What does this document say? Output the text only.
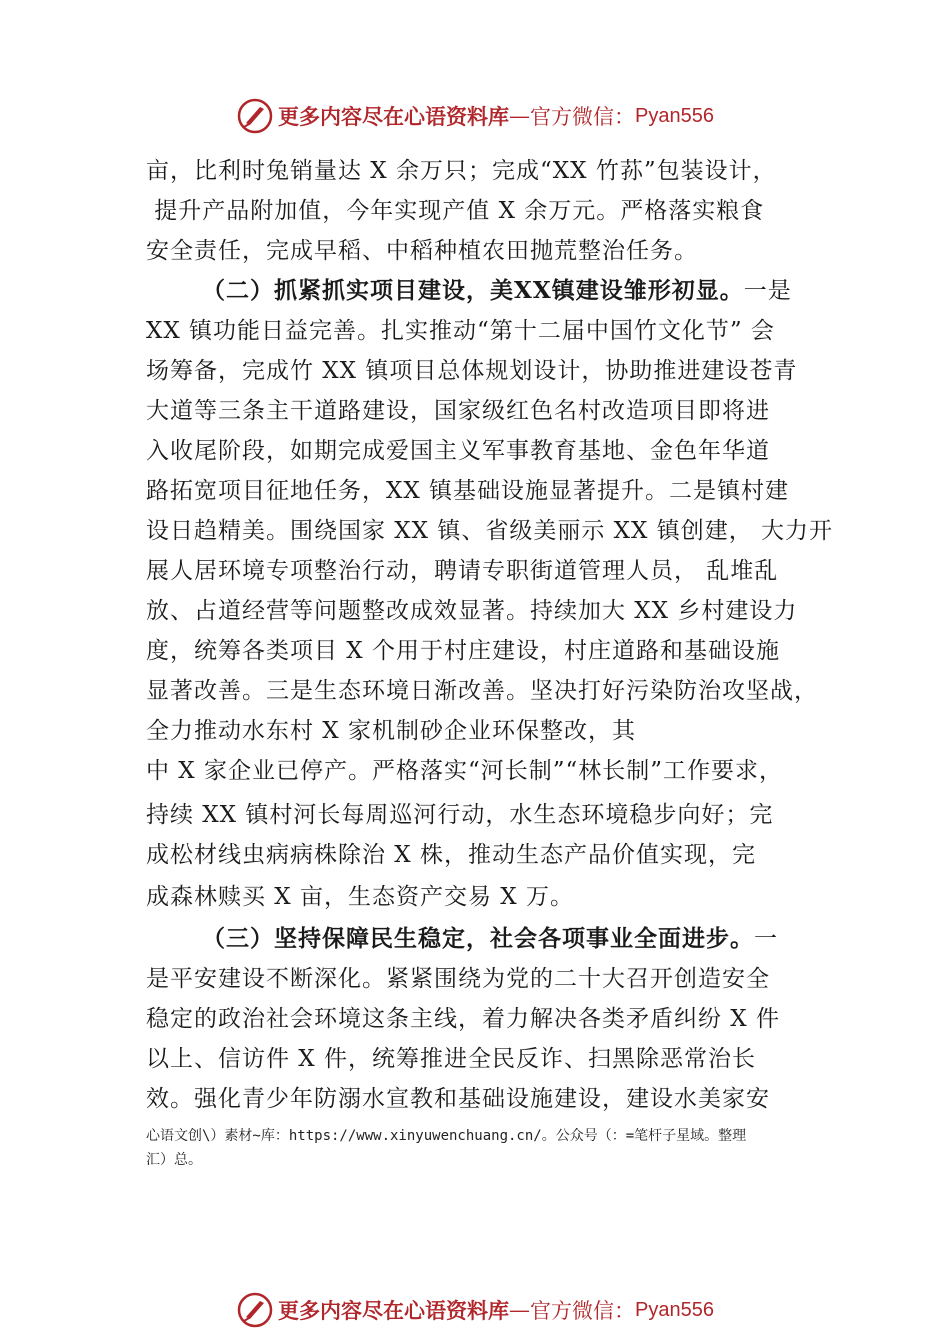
更多内容尽在心语资料库 — 官方微信： Pyan556
亩，比利时兔销量达 X 余万只；完成“XX 竹荪”包装设计，
提升产品附加值，今年实现产值 X 余万元。严格落实粮食
安全责任，完成早稻、中稻种植农田抛荒整治任务。
（二）抓紧抓实项目建设，美XX镇建设雏形初显。一是
XX 镇功能日益完善。扎实推动“第十二届中国竹文化节” 会
场筹备，完成竹 XX 镇项目总体规划设计，协助推进建设苍青
大道等三条主干道路建设，国家级红色名村改造项目即将进
入收尾阶段，如期完成爱国主义军事教育基地、金色年华道
路拓宽项目征地任务，XX 镇基础设施显著提升。二是镇村建
设日趋精美。围绕国家 XX 镇、省级美丽示 XX 镇创建， 大力开
展人居环境专项整治行动，聘请专职街道管理人员， 乱堆乱
放、占道经营等问题整改成效显著。持续加大 XX 乡村建设力
度，统筹各类项目 X 个用于村庄建设，村庄道路和基础设施
显著改善。三是生态环境日渐改善。坚决打好污染防治攻坚战，
全力推动水东村 X 家机制砂企业环保整改，其
中 X 家企业已停产。严格落实“河长制”“林长制”工作要求，
持续 XX 镇村河长每周巡河行动，水生态环境稳步向好；完
成松材线虫病病株除治 X 株，推动生态产品价值实现，完
成森林赎买 X 亩，生态资产交易 X 万。
（三）坚持保障民生稳定，社会各项事业全面进步。一
是平安建设不断深化。紧紧围绕为党的二十大召开创造安全
稳定的政治社会环境这条主线，着力解决各类矛盾纠纷 X 件
以上、信访件 X 件，统筹推进全民反诈、扫黑除恶常治长
效。强化青少年防溺水宣教和基础设施建设，建设水美家安
心语文创\）素材~库：https://www.xinyuwenchuang.cn/。公众号（：=笔杆子星域。整理
汇）总。
更多内容尽在心语资料库 — 官方微信： Pyan556
